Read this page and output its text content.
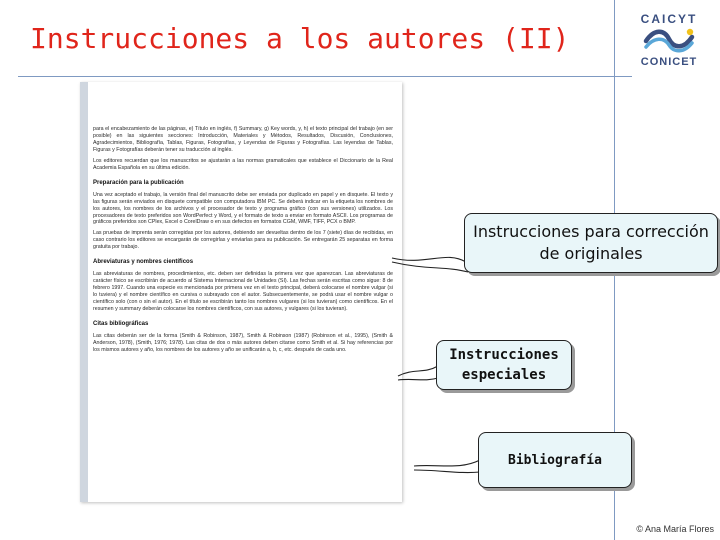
Instrucciones a los autores (II)
CAICYT
CONICET

para el encabezamiento de las páginas, e) Título en inglés, f) Summary, g) Key words, y, h) el texto principal del trabajo (en ser posible) en las siguientes secciones: Introducción, Materiales y Métodos, Resultados, Discusión, Conclusiones, Agradecimientos, Bibliografía, Tablas, Figuras, Fotografías, y Leyendas de Figuras y Fotografías. Las leyendas de Tablas, Figuras y Fotografías deberán tener su traducción al inglés.

Los editores recuerdan que los manuscritos se ajustarán a las normas gramaticales que establece el Diccionario de la Real Academia Española en su última edición.

Preparación para la publicación

Una vez aceptado el trabajo, la versión final del manuscrito debe ser enviada por duplicado en papel y en disquete. El texto y las figuras serán enviados en disquete compatible con computadora IBM PC. Se deberá indicar en la etiqueta los nombres de los autores, los nombres de los archivos y el procesador de texto y programa gráfico (con sus versiones) utilizados. Los procesadores de texto preferidos son WordPerfect y Word, y el formato de texto a enviar en formato ASCII. Los programas de gráficos preferidos son CPlex, Excel o CorelDraw o en sus defectos en formatos CGM, WMF, TIFF, PCX o BMP.

Las pruebas de imprenta serán corregidas por los autores, debiendo ser devueltas dentro de los 7 (siete) días de recibidas, en caso contrario los editores se encargarán de corregirlas y enviarlas para su publicación. Se entregarán 25 separatas en forma gratuita por trabajo.

Abreviaturas y nombres científicos

Las abreviaturas de nombres, procedimientos, etc. deben ser definidas la primera vez que aparezcan. Las abreviaturas de carácter físico se escribirán de acuerdo al Sistema Internacional de Unidades (SI). Las fechas serán escritas como sigue: 8 de febrero 1997. Cuando una especie es mencionada por primera vez en el texto principal, deberá colocarse el nombre vulgar (si lo tuviera) y el nombre científico en cursiva o subrayado con el autor. Subsecuentemente, se podrá usar el nombre vulgar o científico solo (con o sin el autor). En el título se escribirán tanto los nombres vulgares (si los tuvieran) como científicos. En el resumen y summary deberán colocarse los nombres científicos, con sus autores, y vulgares (si los tuvieran).

Citas bibliográficas

Las citas deberán ser de la forma (Smith & Robinson, 1987), Smith & Robinson (1987) (Robinson et al., 1995), (Smith & Anderson, 1978), (Smith, 1976; 1978). Las citas de dos o más autores deben citarse como Smith et al. Si hay referencias por los mismos autores y año, los nombres de los autores y año se unificarán a, b, c, etc. después de cada uno.

Instrucciones para corrección de originales
Instrucciones especiales
Bibliografía
© Ana María Flores
